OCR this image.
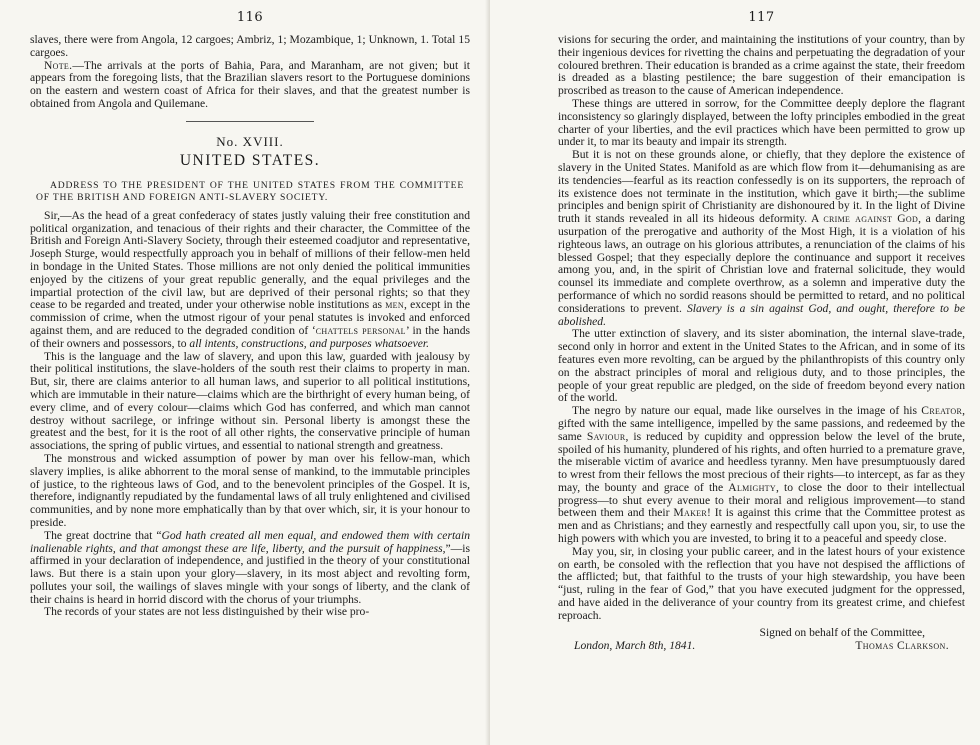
116

slaves, there were from Angola, 12 cargoes; Ambriz, 1; Mozambique, 1; Unknown, 1. Total 15 cargoes.

Note.—The arrivals at the ports of Bahia, Para, and Maranham, are not given; but it appears from the foregoing lists, that the Brazilian slavers resort to the Portuguese dominions on the eastern and western coast of Africa for their slaves, and that the greatest number is obtained from Angola and Quilemane.

No. XVIII.
UNITED STATES.

ADDRESS TO THE PRESIDENT OF THE UNITED STATES FROM THE COMMITTEE OF THE BRITISH AND FOREIGN ANTI-SLAVERY SOCIETY.

Sir,—As the head of a great confederacy of states justly valuing their free constitution and political organization, and tenacious of their rights and their character, the Committee of the British and Foreign Anti-Slavery Society, through their esteemed coadjutor and representative, Joseph Sturge, would respectfully approach you in behalf of millions of their fellow-men held in bondage in the United States. Those millions are not only denied the political immunities enjoyed by the citizens of your great republic generally, and the equal privileges and the impartial protection of the civil law, but are deprived of their personal rights; so that they cease to be regarded and treated, under your otherwise noble institutions as men, except in the commission of crime, when the utmost rigour of your penal statutes is invoked and enforced against them, and are reduced to the degraded condition of ‘chattels personal’ in the hands of their owners and possessors, to all intents, constructions, and purposes whatsoever.

This is the language and the law of slavery, and upon this law, guarded with jealousy by their political institutions, the slave-holders of the south rest their claims to property in man. But, sir, there are claims anterior to all human laws, and superior to all political institutions, which are immutable in their nature—claims which are the birthright of every human being, of every clime, and of every colour—claims which God has conferred, and which man cannot destroy without sacrilege, or infringe without sin. Personal liberty is amongst these the greatest and the best, for it is the root of all other rights, the conservative principle of human associations, the spring of public virtues, and essential to national strength and greatness.

The monstrous and wicked assumption of power by man over his fellow-man, which slavery implies, is alike abhorrent to the moral sense of mankind, to the immutable principles of justice, to the righteous laws of God, and to the benevolent principles of the Gospel. It is, therefore, indignantly repudiated by the fundamental laws of all truly enlightened and civilised communities, and by none more emphatically than by that over which, sir, it is your honour to preside.

The great doctrine that “God hath created all men equal, and endowed them with certain inalienable rights, and that amongst these are life, liberty, and the pursuit of happiness,”—is affirmed in your declaration of independence, and justified in the theory of your constitutional laws. But there is a stain upon your glory—slavery, in its most abject and revolting form, pollutes your soil, the wailings of slaves mingle with your songs of liberty, and the clank of their chains is heard in horrid discord with the chorus of your triumphs.

The records of your states are not less distinguished by their wise pro-

117

visions for securing the order, and maintaining the institutions of your country, than by their ingenious devices for rivetting the chains and perpetuating the degradation of your coloured brethren. Their education is branded as a crime against the state, their freedom is dreaded as a blasting pestilence; the bare suggestion of their emancipation is proscribed as treason to the cause of American independence.

These things are uttered in sorrow, for the Committee deeply deplore the flagrant inconsistency so glaringly displayed, between the lofty principles embodied in the great charter of your liberties, and the evil practices which have been permitted to grow up under it, to mar its beauty and impair its strength.

But it is not on these grounds alone, or chiefly, that they deplore the existence of slavery in the United States. Manifold as are which flow from it—dehumanising as are its tendencies—fearful as its reaction confessedly is on its supporters, the reproach of its existence does not terminate in the institution, which gave it birth;—the sublime principles and benign spirit of Christianity are dishonoured by it. In the light of Divine truth it stands revealed in all its hideous deformity. A crime against God, a daring usurpation of the prerogative and authority of the Most High, it is a violation of his righteous laws, an outrage on his glorious attributes, a renunciation of the claims of his blessed Gospel; that they especially deplore the continuance and support it receives among you, and, in the spirit of Christian love and fraternal solicitude, they would counsel its immediate and complete overthrow, as a solemn and imperative duty the performance of which no sordid reasons should be permitted to retard, and no political considerations to prevent. Slavery is a sin against God, and ought, therefore to be abolished.

The utter extinction of slavery, and its sister abomination, the internal slave-trade, second only in horror and extent in the United States to the African, and in some of its features even more revolting, can be argued by the philanthropists of this country only on the abstract principles of moral and religious duty, and to those principles, the people of your great republic are pledged, on the side of freedom beyond every nation of the world.

The negro by nature our equal, made like ourselves in the image of his Creator, gifted with the same intelligence, impelled by the same passions, and redeemed by the same Saviour, is reduced by cupidity and oppression below the level of the brute, spoiled of his humanity, plundered of his rights, and often hurried to a premature grave, the miserable victim of avarice and heedless tyranny. Men have presumptuously dared to wrest from their fellows the most precious of their rights—to intercept, as far as they may, the bounty and grace of the Almighty, to close the door to their intellectual progress—to shut every avenue to their moral and religious improvement—to stand between them and their Maker! It is against this crime that the Committee protest as men and as Christians; and they earnestly and respectfully call upon you, sir, to use the high powers with which you are invested, to bring it to a peaceful and speedy close.

May you, sir, in closing your public career, and in the latest hours of your existence on earth, be consoled with the reflection that you have not despised the afflictions of the afflicted; but, that faithful to the trusts of your high stewardship, you have been “just, ruling in the fear of God,” that you have executed judgment for the oppressed, and have aided in the deliverance of your country from its greatest crime, and chiefest reproach.

Signed on behalf of the Committee,

London, March 8th, 1841.	Thomas Clarkson.
